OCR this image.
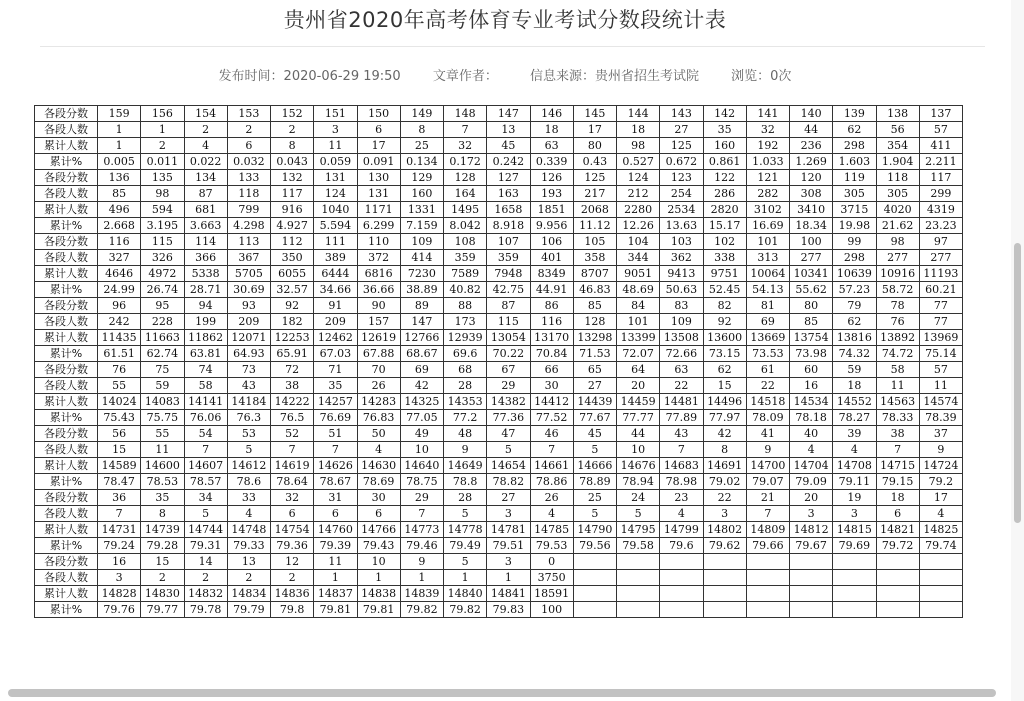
贵州省2020年高考体育专业考试分数段统计表
发布时间：2020-06-29 19:50 文章作者： 信息来源：贵州省招生考试院 浏览：0次
各段分数	159	156	154	153	152	151	150	149	148	147	146	145	144	143	142	141	140	139	138	137
各段人数	1	1	2	2	2	3	6	8	7	13	18	17	18	27	35	32	44	62	56	57
累计人数	1	2	4	6	8	11	17	25	32	45	63	80	98	125	160	192	236	298	354	411
累计%	0.005	0.011	0.022	0.032	0.043	0.059	0.091	0.134	0.172	0.242	0.339	0.43	0.527	0.672	0.861	1.033	1.269	1.603	1.904	2.211
各段分数	136	135	134	133	132	131	130	129	128	127	126	125	124	123	122	121	120	119	118	117
各段人数	85	98	87	118	117	124	131	160	164	163	193	217	212	254	286	282	308	305	305	299
累计人数	496	594	681	799	916	1040	1171	1331	1495	1658	1851	2068	2280	2534	2820	3102	3410	3715	4020	4319
累计%	2.668	3.195	3.663	4.298	4.927	5.594	6.299	7.159	8.042	8.918	9.956	11.12	12.26	13.63	15.17	16.69	18.34	19.98	21.62	23.23
各段分数	116	115	114	113	112	111	110	109	108	107	106	105	104	103	102	101	100	99	98	97
各段人数	327	326	366	367	350	389	372	414	359	359	401	358	344	362	338	313	277	298	277	277
累计人数	4646	4972	5338	5705	6055	6444	6816	7230	7589	7948	8349	8707	9051	9413	9751	10064	10341	10639	10916	11193
累计%	24.99	26.74	28.71	30.69	32.57	34.66	36.66	38.89	40.82	42.75	44.91	46.83	48.69	50.63	52.45	54.13	55.62	57.23	58.72	60.21
各段分数	96	95	94	93	92	91	90	89	88	87	86	85	84	83	82	81	80	79	78	77
各段人数	242	228	199	209	182	209	157	147	173	115	116	128	101	109	92	69	85	62	76	77
累计人数	11435	11663	11862	12071	12253	12462	12619	12766	12939	13054	13170	13298	13399	13508	13600	13669	13754	13816	13892	13969
累计%	61.51	62.74	63.81	64.93	65.91	67.03	67.88	68.67	69.6	70.22	70.84	71.53	72.07	72.66	73.15	73.53	73.98	74.32	74.72	75.14
各段分数	76	75	74	73	72	71	70	69	68	67	66	65	64	63	62	61	60	59	58	57
各段人数	55	59	58	43	38	35	26	42	28	29	30	27	20	22	15	22	16	18	11	11
累计人数	14024	14083	14141	14184	14222	14257	14283	14325	14353	14382	14412	14439	14459	14481	14496	14518	14534	14552	14563	14574
累计%	75.43	75.75	76.06	76.3	76.5	76.69	76.83	77.05	77.2	77.36	77.52	77.67	77.77	77.89	77.97	78.09	78.18	78.27	78.33	78.39
各段分数	56	55	54	53	52	51	50	49	48	47	46	45	44	43	42	41	40	39	38	37
各段人数	15	11	7	5	7	7	4	10	9	5	7	5	10	7	8	9	4	4	7	9
累计人数	14589	14600	14607	14612	14619	14626	14630	14640	14649	14654	14661	14666	14676	14683	14691	14700	14704	14708	14715	14724
累计%	78.47	78.53	78.57	78.6	78.64	78.67	78.69	78.75	78.8	78.82	78.86	78.89	78.94	78.98	79.02	79.07	79.09	79.11	79.15	79.2
各段分数	36	35	34	33	32	31	30	29	28	27	26	25	24	23	22	21	20	19	18	17
各段人数	7	8	5	4	6	6	6	7	5	3	4	5	5	4	3	7	3	3	6	4
累计人数	14731	14739	14744	14748	14754	14760	14766	14773	14778	14781	14785	14790	14795	14799	14802	14809	14812	14815	14821	14825
累计%	79.24	79.28	79.31	79.33	79.36	79.39	79.43	79.46	79.49	79.51	79.53	79.56	79.58	79.6	79.62	79.66	79.67	79.69	79.72	79.74
各段分数	16	15	14	13	12	11	10	9	5	3	0									
各段人数	3	2	2	2	2	1	1	1	1	1	3750									
累计人数	14828	14830	14832	14834	14836	14837	14838	14839	14840	14841	18591									
累计%	79.76	79.77	79.78	79.79	79.8	79.81	79.81	79.82	79.82	79.83	100									
